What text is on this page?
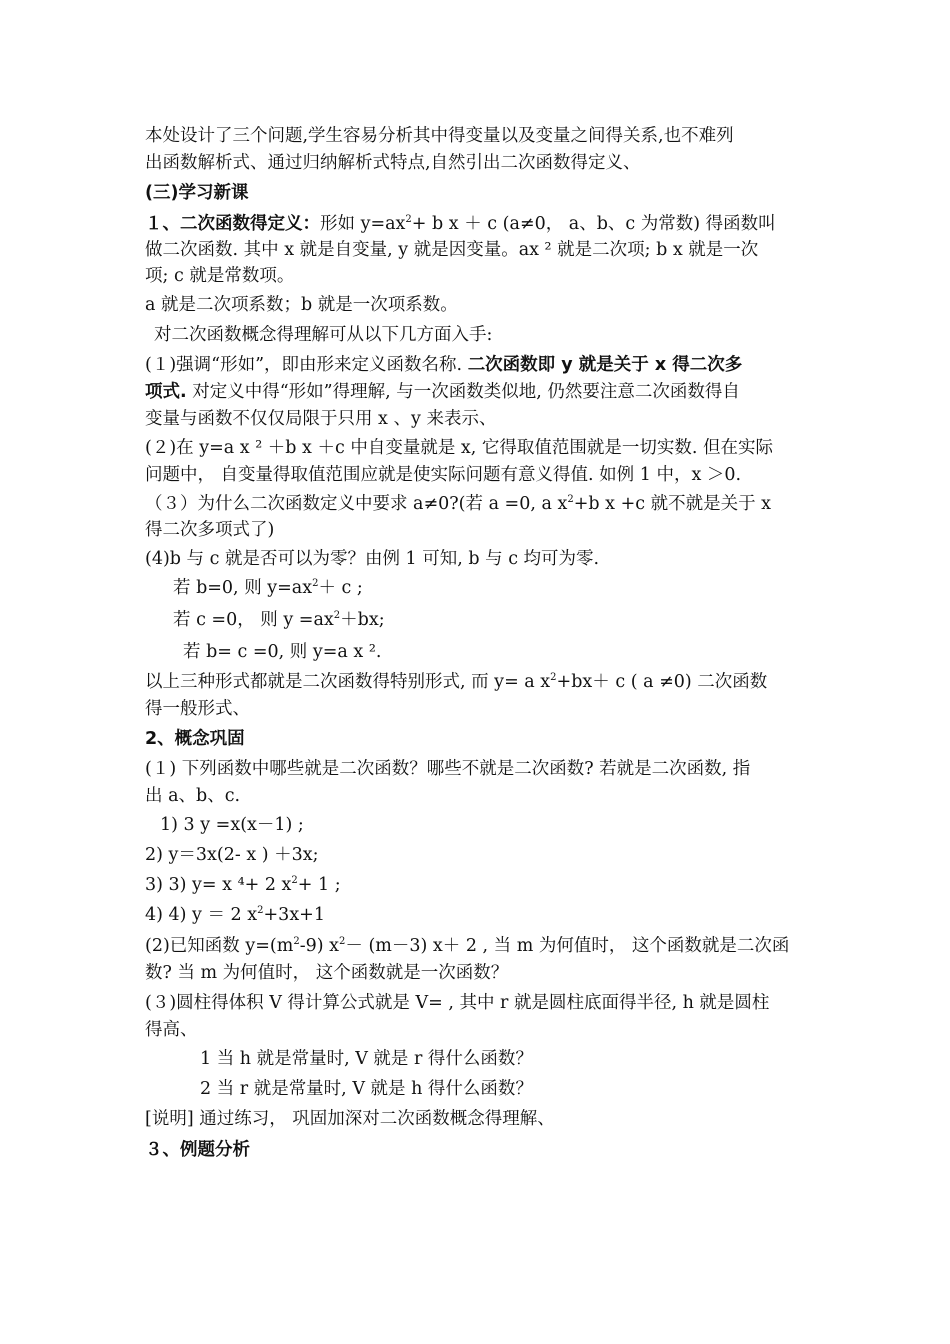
本处设计了三个问题,学生容易分析其中得变量以及变量之间得关系,也不难列
出函数解析式、通过归纳解析式特点,自然引出二次函数得定义、
(三)学习新课
１、二次函数得定义：形如 $y=ax^2+ b$ x ＋ c (a≠0， a、b、c 为常数) 得函数叫
做二次函数. 其中 x 就是自变量, y 就是因变量。ax ² 就是二次项; b x 就是一次
项; c 就是常数项。
a 就是二次项系数；b 就是一次项系数。
对二次函数概念得理解可从以下几方面入手:
(１)强调“形如”，即由形来定义函数名称. 二次函数即 y 就是关于 x 得二次多
项式. 对定义中得“形如”得理解, 与一次函数类似地, 仍然要注意二次函数得自
变量与函数不仅仅局限于只用 x 、y 来表示、
(２)在 y=a x ² ＋b x ＋c 中自变量就是 x, 它得取值范围就是一切实数. 但在实际
问题中， 自变量得取值范围应就是使实际问题有意义得值. 如例 1 中，x ＞0.
（３）为什么二次函数定义中要求 a≠0?(若 a =0, a $x^2+b$ x +c 就不就是关于 x
得二次多项式了)
(4)b 与 c 就是否可以为零？由例 1 可知, b 与 c 均可为零.
若 b=0, 则 $y=ax^2+ c$ ;
若 c =0， 则 $y =ax^2+bx$;
若 b= c =0, 则 y=a x ².
以上三种形式都就是二次函数得特别形式, 而 y= a $x^2+bx+ c$ ( a ≠0) 二次函数
得一般形式、
2、概念巩固
(１) 下列函数中哪些就是二次函数？哪些不就是二次函数? 若就是二次函数, 指
出 a、b、c.
1) 3 y =x(x－1) ;
2) y＝3x(2- x ) ＋3x;
3) 3) y= x ⁴+ 2 $x^2+ 1$ ;
4) 4) y ＝ 2 $x^2+3x+1$
(2)已知函数 $y=(m^2-9)$ $x^2- (m-3)$ x＋ 2 , 当 m 为何值时， 这个函数就是二次函
数? 当 m 为何值时， 这个函数就是一次函数？
(３)圆柱得体积 V 得计算公式就是 V= , 其中 r 就是圆柱底面得半径, h 就是圆柱
得高、
1 当 h 就是常量时, V 就是 r 得什么函数？
2 当 r 就是常量时, V 就是 h 得什么函数？
[说明] 通过练习， 巩固加深对二次函数概念得理解、
３、例题分析
